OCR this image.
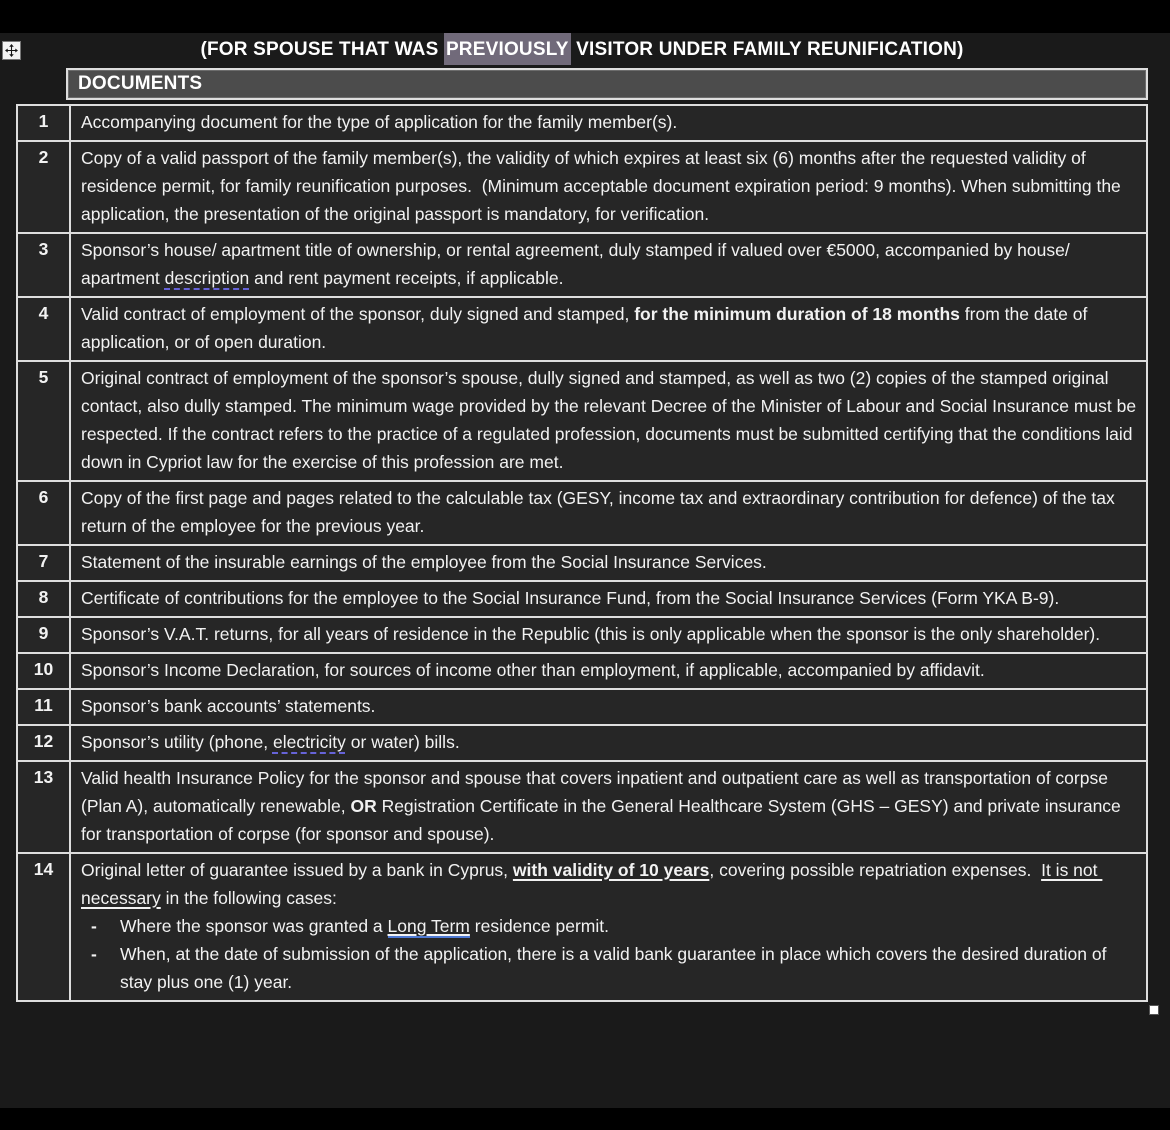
(FOR SPOUSE THAT WAS PREVIOUSLY VISITOR UNDER FAMILY REUNIFICATION)
DOCUMENTS
1	Accompanying document for the type of application for the family member(s).

2	Copy of a valid passport of the family member(s), the validity of which expires at least six (6) months after the requested validity of residence permit, for family reunification purposes.  (Minimum acceptable document expiration period: 9 months). When submitting the application, the presentation of the original passport is mandatory, for verification.

3	Sponsor’s house/ apartment title of ownership, or rental agreement, duly stamped if valued over €5000, accompanied by house/ apartment description and rent payment receipts, if applicable.

4	Valid contract of employment of the sponsor, duly signed and stamped, for the minimum duration of 18 months from the date of application, or of open duration.

5	Original contract of employment of the sponsor’s spouse, dully signed and stamped, as well as two (2) copies of the stamped original contact, also dully stamped. The minimum wage provided by the relevant Decree of the Minister of Labour and Social Insurance must be respected. If the contract refers to the practice of a regulated profession, documents must be submitted certifying that the conditions laid down in Cypriot law for the exercise of this profession are met.

6	Copy of the first page and pages related to the calculable tax (GESY, income tax and extraordinary contribution for defence) of the tax return of the employee for the previous year.

7	Statement of the insurable earnings of the employee from the Social Insurance Services.

8	Certificate of contributions for the employee to the Social Insurance Fund, from the Social Insurance Services (Form YKA B-9).

9	Sponsor’s V.A.T. returns, for all years of residence in the Republic (this is only applicable when the sponsor is the only shareholder).

10	Sponsor’s Income Declaration, for sources of income other than employment, if applicable, accompanied by affidavit.

11	Sponsor’s bank accounts’ statements.

12	Sponsor’s utility (phone, electricity or water) bills.

13	Valid health Insurance Policy for the sponsor and spouse that covers inpatient and outpatient care as well as transportation of corpse (Plan A), automatically renewable, OR Registration Certificate in the General Healthcare System (GHS – GESY) and private insurance for transportation of corpse (for sponsor and spouse).

14	Original letter of guarantee issued by a bank in Cyprus, with validity of 10 years, covering possible repatriation expenses.  It is not necessary in the following cases:
- Where the sponsor was granted a Long Term residence permit.
- When, at the date of submission of the application, there is a valid bank guarantee in place which covers the desired duration of stay plus one (1) year.
